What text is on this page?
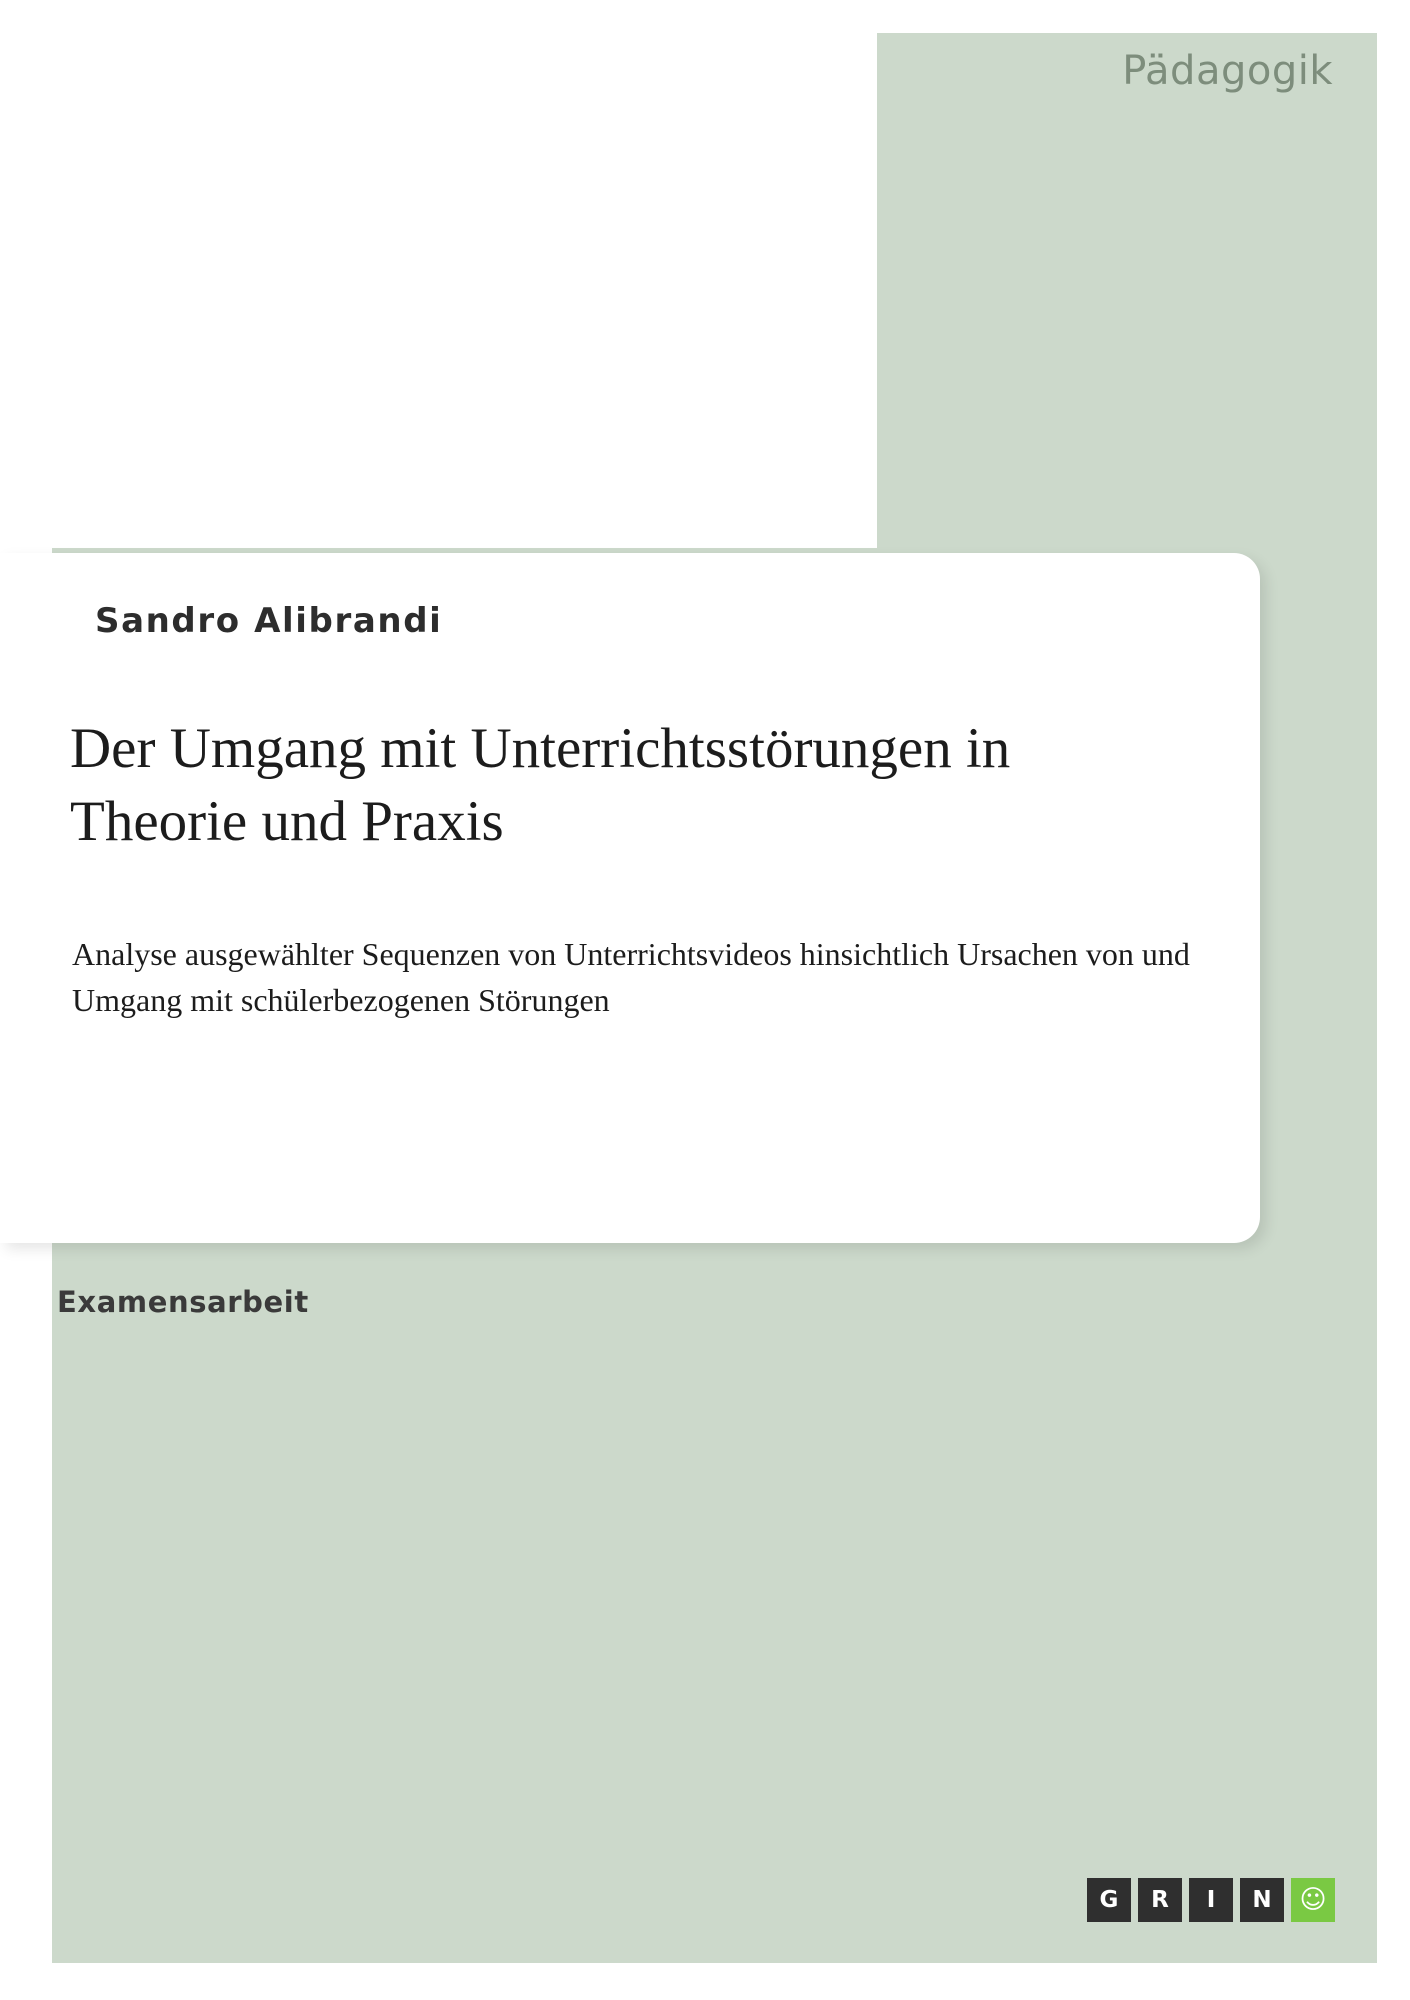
Pädagogik
Sandro Alibrandi
Der Umgang mit Unterrichtsstörungen in Theorie und Praxis
Analyse ausgewählter Sequenzen von Unterrichtsvideos hinsichtlich Ursachen von und Umgang mit schülerbezogenen Störungen
Examensarbeit
G	R	I	N	☺
